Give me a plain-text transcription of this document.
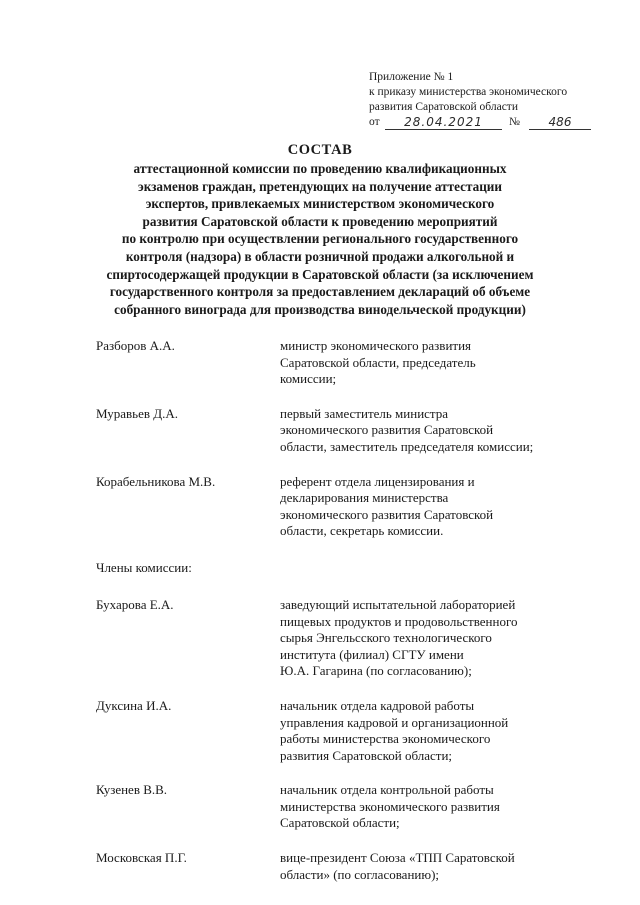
Приложение № 1
к приказу министерства экономического
развития Саратовской области
от	28.04.2021	№	486
СОСТАВ
аттестационной комиссии по проведению квалификационных
экзаменов граждан, претендующих на получение аттестации
экспертов, привлекаемых министерством экономического
развития Саратовской области к проведению мероприятий
по контролю при осуществлении регионального государственного
контроля (надзора) в области розничной продажи алкогольной и
спиртосодержащей продукции в Саратовской области (за исключением
государственного контроля за предоставлением деклараций об объеме
собранного винограда для производства винодельческой продукции)
Разборов А.А.	министр экономического развития
Саратовской области, председатель
комиссии;
Муравьев Д.А.	первый заместитель министра
экономического развития Саратовской
области, заместитель председателя комиссии;
Корабельникова М.В.	референт отдела лицензирования и
декларирования министерства
экономического развития Саратовской
области, секретарь комиссии.
Члены комиссии:
Бухарова Е.А.	заведующий испытательной лабораторией
пищевых продуктов и продовольственного
сырья Энгельсского технологического
института (филиал) СГТУ имени
Ю.А. Гагарина (по согласованию);
Дуксина И.А.	начальник отдела кадровой работы
управления кадровой и организационной
работы министерства экономического
развития Саратовской области;
Кузенев В.В.	начальник отдела контрольной работы
министерства экономического развития
Саратовской области;
Московская П.Г.	вице-президент Союза «ТПП Саратовской
области» (по согласованию);
